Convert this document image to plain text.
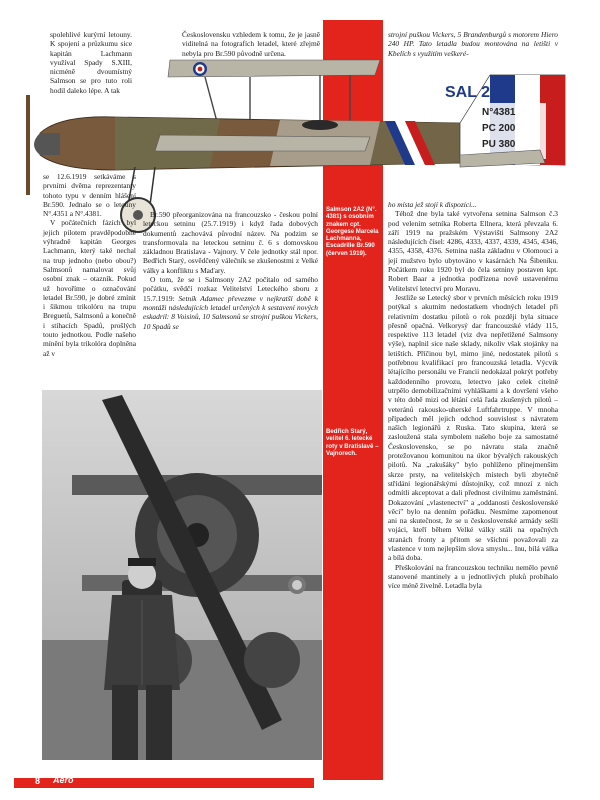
spolehlivé kurýrní letouny. K spojení a průzkumu sice kapitán Lachmann využíval Spady S.XIII, nicméně dvoumístný Salmson se pro tuto roli hodil daleko lépe. A tak

Československu vzhledem k tomu, že je jasně viditelná na fotografích letadel, které zřejmě nebyla pro Br.590 původně určena.

strojní puškou Vickers, 5 Brandenburgů s motorem Hiero 240 HP. Tato letadla budou montována na letišti v Kbelích s využitím veškeré-

Salmson 2A2 (N°. 4381) s osobním znakem cpt. Georgese Marcela Lachmanna, Escadrille Br.590 (červen 1919).
Bedřich Starý, velitel 6. letecké roty v Bratislavě – Vajnorech.
SAL 2A2
N°4381
PC 200
PU 380

se 12.6.1919 setkáváme s prvními dvěma reprezentanty tohoto typu v denním hlášení Br.590. Jednalo se o letouny N°.4351 a N°.4381.

V počátečních fázích byl jejich pilotem pravděpodobně výhradně kapitán Georges Lachmann, který také nechal na trup jednoho (nebo obou?) Salmsonů namalovat svůj osobní znak – otazník. Pokud už hovoříme o označování letadel Br.590, je dobré zmínit i šikmou trikolóru na trupu Breguetů, Salmsonů a konečně i stíhacích Spadů, prošlých touto jednotkou. Podle našeho mínění byla trikolóra doplněna až v

Br.590 přeorganizována na francouzsko - českou polní leteckou setninu (25.7.1919) i když řada dobových dokumentů zachovává původní název. Na podzim se transformovala na leteckou setninu č. 6 s domovskou základnou Bratislava - Vajnory. V čele jednotky stál npor. Bedřich Starý, osvědčený válečník se zkušenostmi z Velké války a konfliktu s Maďary.

O tom, že se i Salmsony 2A2 počítalo od samého počátku, svědčí rozkaz Velitelství Leteckého sboru z 15.7.1919: Setník Adamec převezme v nejkratší době k montáži následujících letadel určených k sestavení nových eskadril: 8 Voisinů, 10 Salmsonů se strojní puškou Vickers, 10 Spadů se

ho místa jež stojí k dispozici...

Téhož dne byla také vytvořena setnina Salmson č.3 pod velením setníka Roberta Ellnera, která převzala 6. září 1919 na pražském Výstavišti Salmsony 2A2 následujících čísel: 4286, 4333, 4337, 4339, 4345, 4346, 4355, 4358, 4376. Setnina našla základnu v Olomouci a její mužstvo bylo ubytováno v kasárnách Na Šibeníku. Počátkem roku 1920 byl do čela setniny postaven kpt. Robert Baar a jednotka podřízena nově ustavenému Velitelství letectví pro Moravu.

Jestliže se Letecký sbor v prvních měsících roku 1919 potýkal s akutním nedostatkem vhodných letadel při relativním dostatku pilotů o rok později byla situace přesně opačná. Velkorysý dar francouzské vlády 115, respektive 113 letadel (viz dva nepřetížené Salmsony výše), naplnil sice naše sklady, nikoliv však stojánky na letištích. Příčinou byl, mimo jiné, nedostatek pilotů s potřebnou kvalifikací pro francouzská letadla. Výcvik létajícího personálu ve Francii nedokázal pokrýt potřeby každodenního provozu, letectvo jako celek citelně utrpělo demobilizačními vyhláškami a k dovršení všeho v této době mizí od létání celá řada zkušených pilotů – veteránů rakousko-uherské Luftfahrtruppe. V mnoha případech měl jejich odchod souvislost s návratem našich legionářů z Ruska. Tato skupina, která se zasloužená stala symbolem našeho boje za samostatné Československo, se po návratu stala značně protežovanou komunitou na úkor bývalých rakouských pilotů. Na „rakušáky" bylo pohlíženo přinejmenším skrze prsty, na velitelských místech byli zbytečně střídáni legionářskými důstojníky, což mnozí z nich odmítli akceptovat a dali přednost civilnímu zaměstnání. Dokazování „vlastenectví" a „oddanosti československé věci" bylo na denním pořádku. Nesmíme zapomenout ani na skutečnost, že se u československé armády sešli vojáci, kteří během Velké války stáli na opačných stranách fronty a přitom se všichni považovali za vlastence v tom nejlepším slova smyslu... Inu, bílá válka a bílá doba.

Přeškolování na francouzskou techniku nemělo pevně stanovené mantinely a u jednotlivých pluků probíhalo více méně živelně. Letadla byla

8 Aero
